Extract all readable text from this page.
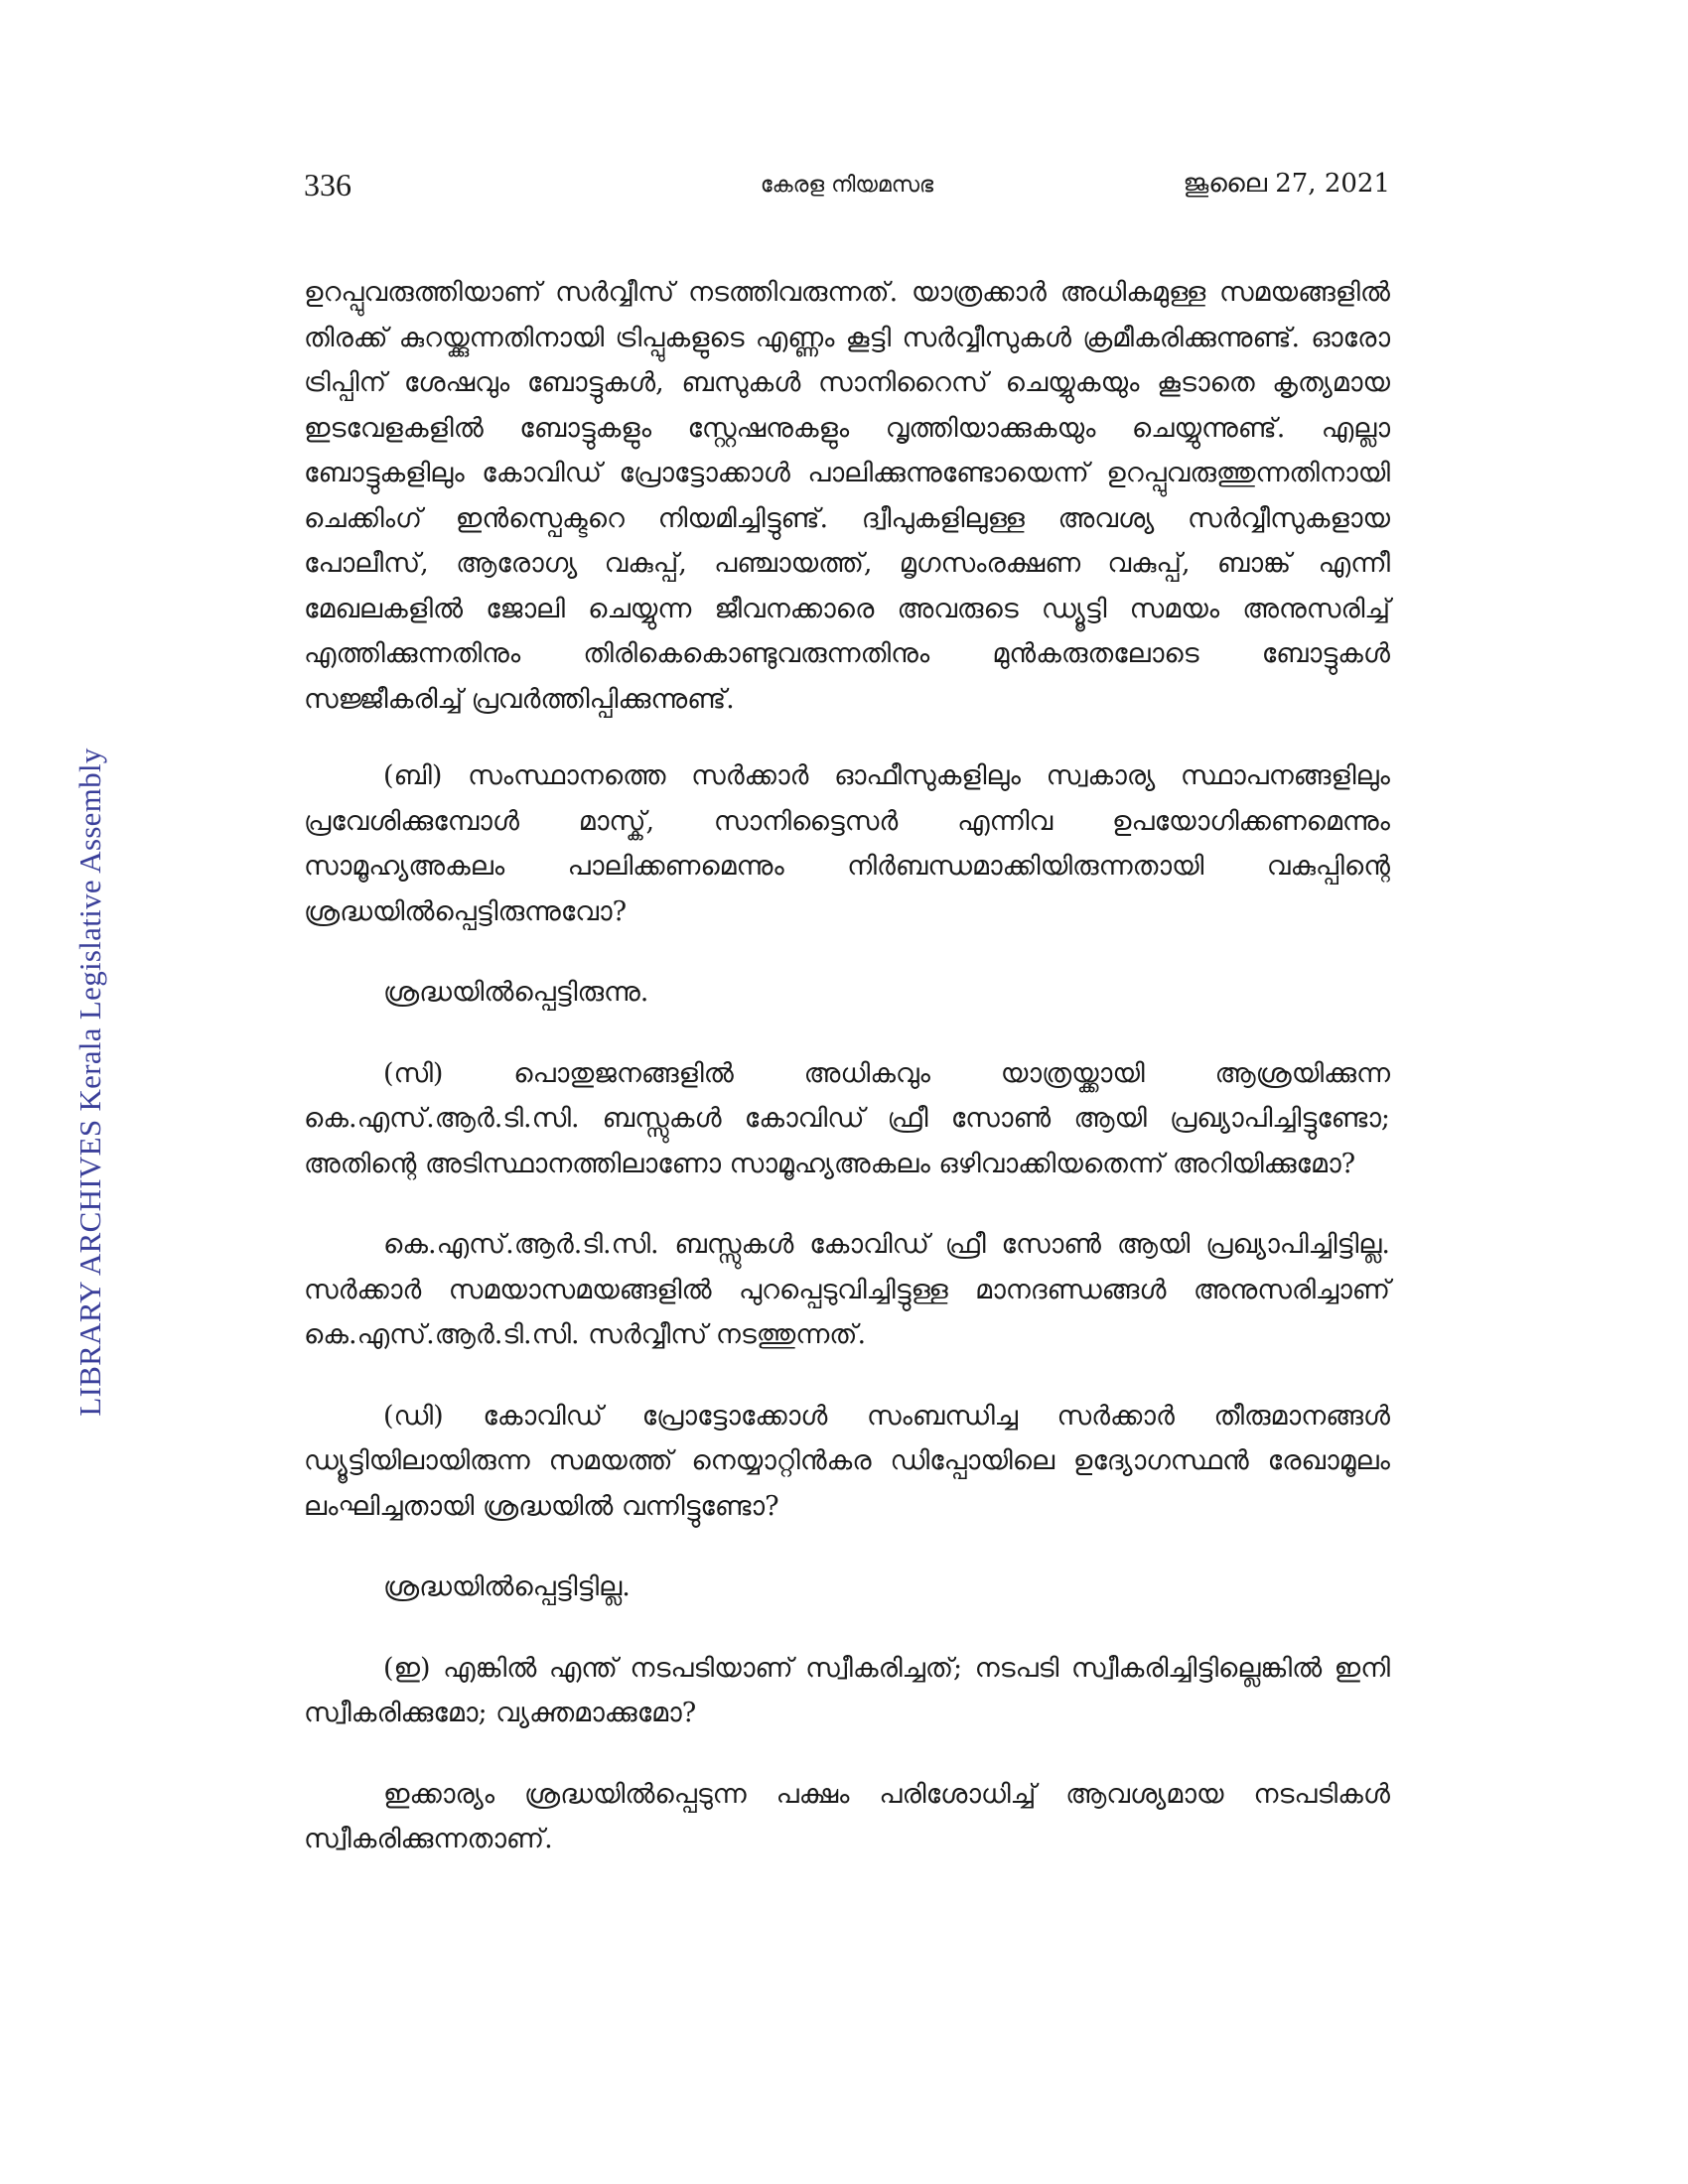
LIBRARY ARCHIVES Kerala Legislative Assembly
336	കേരള നിയമസഭ	ജൂലൈ 27, 2021

ഉറപ്പുവരുത്തിയാണ് സർവ്വീസ് നടത്തിവരുന്നത്. യാത്രക്കാർ അധികമുള്ള സമയങ്ങളിൽ തിരക്ക് കുറയ്ക്കുന്നതിനായി ട്രിപ്പുകളുടെ എണ്ണം കൂട്ടി സർവ്വീസുകൾ ക്രമീകരിക്കുന്നുണ്ട്. ഓരോ ട്രിപ്പിന് ശേഷവും ബോട്ടുകൾ, ബസുകൾ സാനിറൈസ് ചെയ്യുകയും കൂടാതെ കൃത്യമായ ഇടവേളകളിൽ ബോട്ടുകളും സ്റ്റേഷനുകളും വൃത്തിയാക്കുകയും ചെയ്യുന്നുണ്ട്. എല്ലാ ബോട്ടുകളിലും കോവിഡ് പ്രോട്ടോക്കാൾ പാലിക്കുന്നുണ്ടോയെന്ന് ഉറപ്പുവരുത്തുന്നതിനായി ചെക്കിംഗ് ഇൻസ്പെക്ടറെ നിയമിച്ചിട്ടുണ്ട്. ദ്വീപുകളിലുള്ള അവശ്യ സർവ്വീസുകളായ പോലീസ്, ആരോഗ്യ വകുപ്പ്, പഞ്ചായത്ത്, മൃഗസംരക്ഷണ വകുപ്പ്, ബാങ്ക് എന്നീ മേഖലകളിൽ ജോലി ചെയ്യുന്ന ജീവനക്കാരെ അവരുടെ ഡ്യൂട്ടി സമയം അനുസരിച്ച് എത്തിക്കുന്നതിനും തിരികെകൊണ്ടുവരുന്നതിനും മുൻകരുതലോടെ ബോട്ടുകൾ സജ്ജീകരിച്ച് പ്രവർത്തിപ്പിക്കുന്നുണ്ട്.

(ബി) സംസ്ഥാനത്തെ സർക്കാർ ഓഫീസുകളിലും സ്വകാര്യ സ്ഥാപനങ്ങളിലും പ്രവേശിക്കുമ്പോൾ മാസ്ക്, സാനിട്ടൈസർ എന്നിവ ഉപയോഗിക്കണമെന്നും സാമൂഹ്യഅകലം പാലിക്കണമെന്നും നിർബന്ധമാക്കിയിരുന്നതായി വകുപ്പിന്റെ ശ്രദ്ധയിൽപ്പെട്ടിരുന്നുവോ?

ശ്രദ്ധയിൽപ്പെട്ടിരുന്നു.

(സി) പൊതുജനങ്ങളിൽ അധികവും യാത്രയ്ക്കായി ആശ്രയിക്കുന്ന കെ.എസ്.ആർ.ടി.സി. ബസ്സുകൾ കോവിഡ് ഫ്രീ സോൺ ആയി പ്രഖ്യാപിച്ചിട്ടുണ്ടോ; അതിന്റെ അടിസ്ഥാനത്തിലാണോ സാമൂഹ്യഅകലം ഒഴിവാക്കിയതെന്ന് അറിയിക്കുമോ?

കെ.എസ്.ആർ.ടി.സി. ബസ്സുകൾ കോവിഡ് ഫ്രീ സോൺ ആയി പ്രഖ്യാപിച്ചിട്ടില്ല. സർക്കാർ സമയാസമയങ്ങളിൽ പുറപ്പെടുവിച്ചിട്ടുള്ള മാനദണ്ഡങ്ങൾ അനുസരിച്ചാണ് കെ.എസ്.ആർ.ടി.സി. സർവ്വീസ് നടത്തുന്നത്.

(ഡി) കോവിഡ് പ്രോട്ടോക്കോൾ സംബന്ധിച്ച സർക്കാർ തീരുമാനങ്ങൾ ഡ്യൂട്ടിയിലായിരുന്ന സമയത്ത് നെയ്യാറ്റിൻകര ഡിപ്പോയിലെ ഉദ്യോഗസ്ഥൻ രേഖാമൂലം ലംഘിച്ചതായി ശ്രദ്ധയിൽ വന്നിട്ടുണ്ടോ?

ശ്രദ്ധയിൽപ്പെട്ടിട്ടില്ല.

(ഇ) എങ്കിൽ എന്ത് നടപടിയാണ് സ്വീകരിച്ചത്; നടപടി സ്വീകരിച്ചിട്ടില്ലെങ്കിൽ ഇനി സ്വീകരിക്കുമോ; വ്യക്തമാക്കുമോ?

ഇക്കാര്യം ശ്രദ്ധയിൽപ്പെടുന്ന പക്ഷം പരിശോധിച്ച് ആവശ്യമായ നടപടികൾ സ്വീകരിക്കുന്നതാണ്.
